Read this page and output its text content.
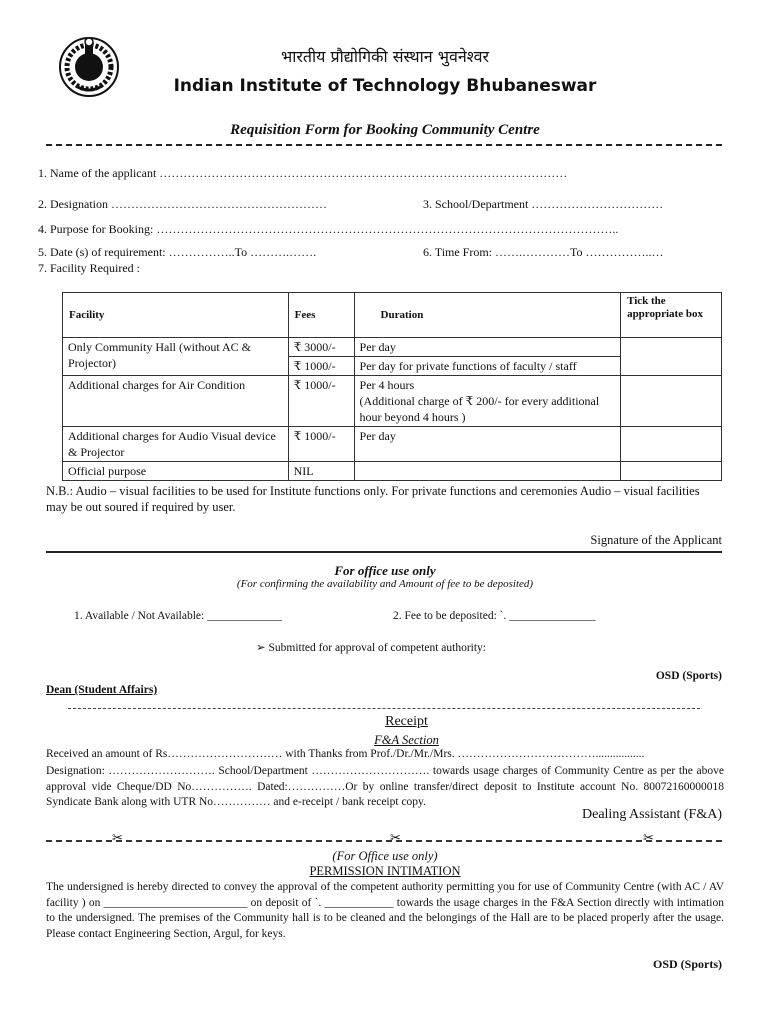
भारतीय प्रौद्योगिकी संस्थान भुवनेश्वर
Indian Institute of Technology Bhubaneswar
Requisition Form for Booking Community Centre
1. Name of the applicant …………………………………………………………………………………………
2. Designation ………………………………………………	3. School/Department ……………………………
4. Purpose for Booking: ……………………………………………………………………………………………………..
5. Date (s) of requirement: ……………..To ……….…….	6. Time From: …….…………To ……………..…
7. Facility Required :
Facility	Fees	Duration	Tick the appropriate box
Only Community Hall (without AC & Projector)	₹ 3000/-	Per day	
	₹ 1000/-	Per day for private functions of faculty / staff	
Additional charges for Air Condition	₹ 1000/-	Per 4 hours
(Additional charge of ₹ 200/- for every additional hour beyond 4 hours )	

Additional charges for Audio Visual device & Projector	₹ 1000/-	Per day	
Official purpose	NIL		
N.B.: Audio – visual facilities to be used for Institute functions only. For private functions and ceremonies Audio – visual facilities may be out soured if required by user.
Signature of the Applicant
For office use only
(For confirming the availability and Amount of fee to be deposited)
1. Available / Not Available: _____________	2. Fee to be deposited: `. _______________
➢ Submitted for approval of competent authority:
OSD (Sports)
Dean (Student Affairs)
Receipt
F&A Section
Received an amount of Rs………………………… with Thanks from Prof./Dr./Mr./Mrs. ……………………………….................
Designation: ………………………. School/Department …………………………. towards usage charges of Community Centre as per the above approval vide Cheque/DD No……………. Dated:……………Or by online transfer/direct deposit to Institute account No. 80072160000018 Syndicate Bank along with UTR No…………… and e-receipt / bank receipt copy.
Dealing Assistant (F&A)
✂	✂	✂
(For Office use only)
PERMISSION INTIMATION
The undersigned is hereby directed to convey the approval of the competent authority permitting you for use of Community Centre (with AC / AV facility ) on _________________________ on deposit of `. ____________ towards the usage charges in the F&A Section directly with intimation to the undersigned. The premises of the Community hall is to be cleaned and the belongings of the Hall are to be placed properly after the usage. Please contact Engineering Section, Argul, for keys.
OSD (Sports)
